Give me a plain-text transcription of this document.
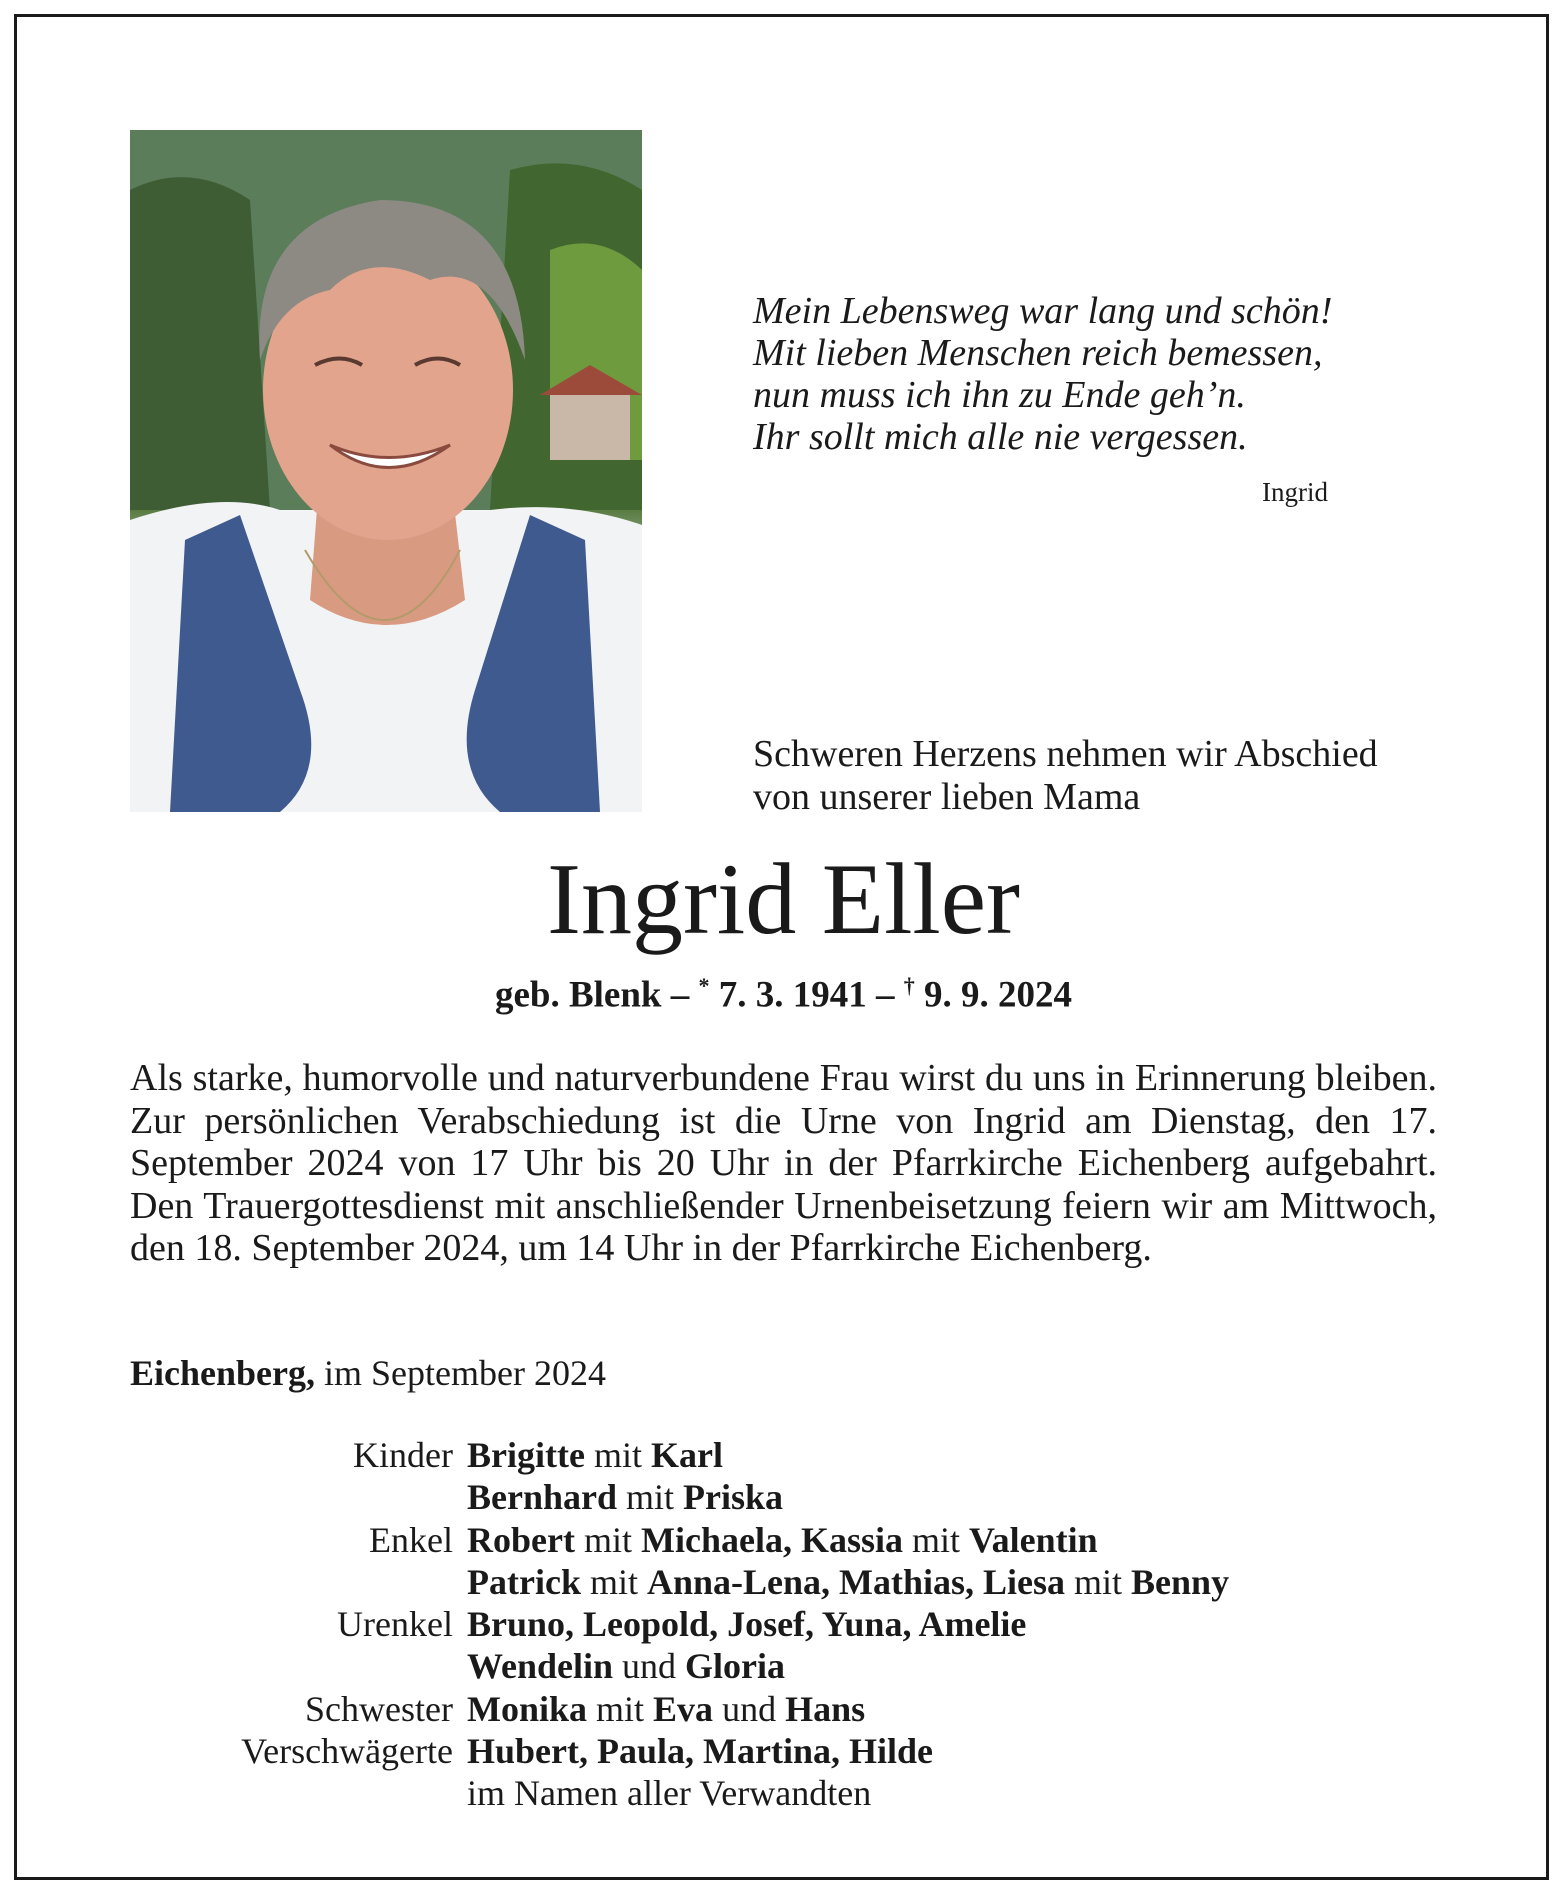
Mein Lebensweg war lang und schön!
Mit lieben Menschen reich bemessen,
nun muss ich ihn zu Ende geh’n.
Ihr sollt mich alle nie vergessen.
Ingrid
Schweren Herzens nehmen wir Abschied
von unserer lieben Mama
Ingrid Eller
geb. Blenk – * 7. 3. 1941 – † 9. 9. 2024
Als starke, humorvolle und naturverbundene Frau wirst du uns in Erinnerung bleiben. Zur persönlichen Verabschiedung ist die Urne von Ingrid am Dienstag, den 17. September 2024 von 17 Uhr bis 20 Uhr in der Pfarrkirche Eichenberg aufgebahrt. Den Trauergottesdienst mit anschließender Urnenbeisetzung feiern wir am Mittwoch, den 18. September 2024, um 14 Uhr in der Pfarrkirche Eichenberg.
Eichenberg, im September 2024
Kinder Brigitte mit Karl
Bernhard mit Priska
Enkel Robert mit Michaela, Kassia mit Valentin
Patrick mit Anna-Lena, Mathias, Liesa mit Benny
Urenkel Bruno, Leopold, Josef, Yuna, Amelie
Wendelin und Gloria
Schwester Monika mit Eva und Hans
Verschwägerte Hubert, Paula, Martina, Hilde
im Namen aller Verwandten
